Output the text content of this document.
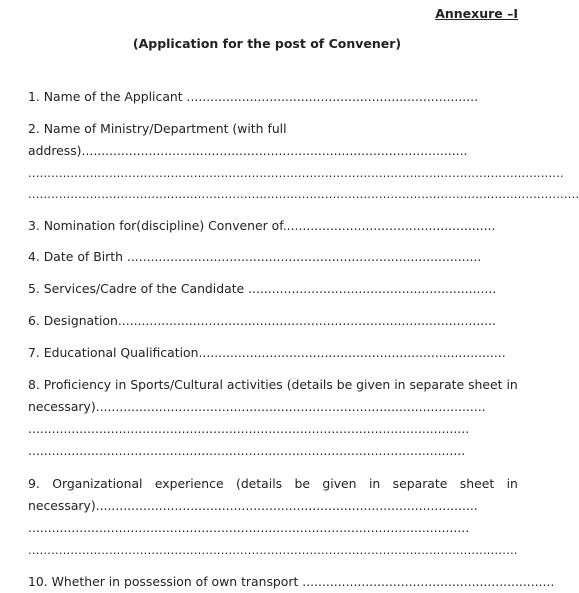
Annexure –I
(Application for the post of Convener)
1. Name of the Applicant ..........................................................................
2. Name of Ministry/Department (with full
address)..................................................................................................
...........................................................................................................................................
...............................................................................................................................................
3. Nomination for(discipline) Convener of......................................................
4. Date of Birth ..........................................................................................
5. Services/Cadre of the Candidate ...............................................................
6. Designation................................................................................................
7. Educational Qualification..............................................................................
8. Proficiency in Sports/Cultural activities (details be given in separate sheet in
necessary)...................................................................................................
................................................................................................................
...............................................................................................................
9. Organizational experience (details be given in separate sheet in
necessary).................................................................................................
................................................................................................................
...............................................................................................................................
10. Whether in possession of own transport ................................................................
